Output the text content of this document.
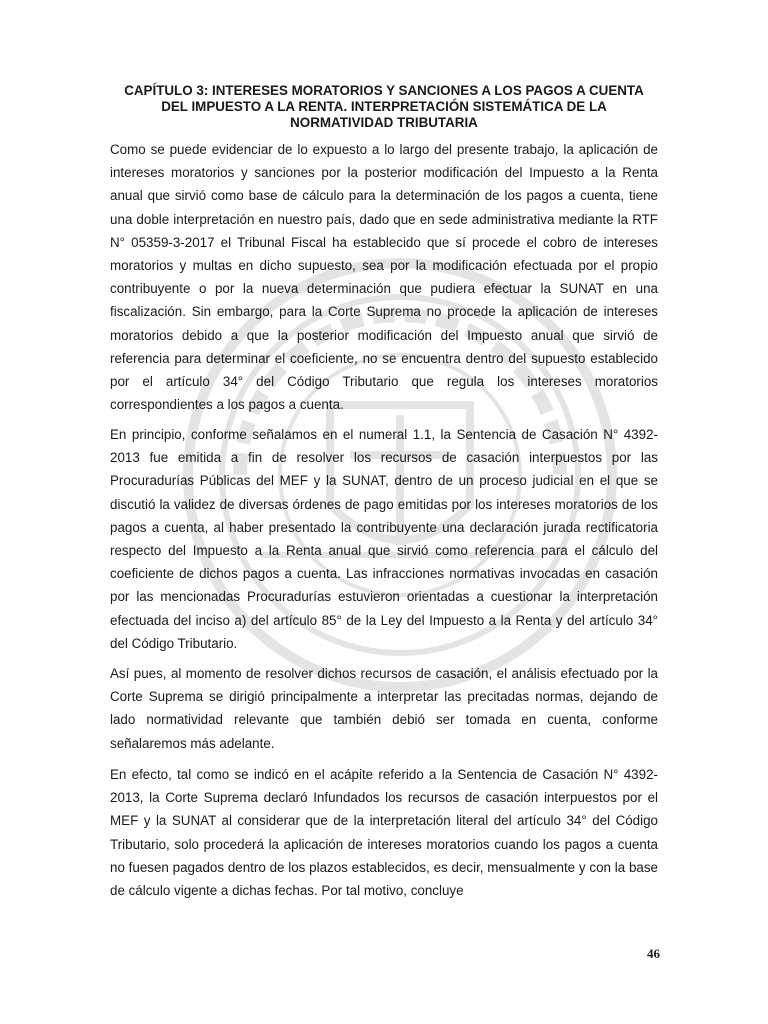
CAPÍTULO 3: INTERESES MORATORIOS Y SANCIONES A LOS PAGOS A CUENTA DEL IMPUESTO A LA RENTA. INTERPRETACIÓN SISTEMÁTICA DE LA NORMATIVIDAD TRIBUTARIA

Como se puede evidenciar de lo expuesto a lo largo del presente trabajo, la aplicación de intereses moratorios y sanciones por la posterior modificación del Impuesto a la Renta anual que sirvió como base de cálculo para la determinación de los pagos a cuenta, tiene una doble interpretación en nuestro país, dado que en sede administrativa mediante la RTF N° 05359-3-2017 el Tribunal Fiscal ha establecido que sí procede el cobro de intereses moratorios y multas en dicho supuesto, sea por la modificación efectuada por el propio contribuyente o por la nueva determinación que pudiera efectuar la SUNAT en una fiscalización. Sin embargo, para la Corte Suprema no procede la aplicación de intereses moratorios debido a que la posterior modificación del Impuesto anual que sirvió de referencia para determinar el coeficiente, no se encuentra dentro del supuesto establecido por el artículo 34° del Código Tributario que regula los intereses moratorios correspondientes a los pagos a cuenta.

En principio, conforme señalamos en el numeral 1.1, la Sentencia de Casación N° 4392-2013 fue emitida a fin de resolver los recursos de casación interpuestos por las Procuradurías Públicas del MEF y la SUNAT, dentro de un proceso judicial en el que se discutió la validez de diversas órdenes de pago emitidas por los intereses moratorios de los pagos a cuenta, al haber presentado la contribuyente una declaración jurada rectificatoria respecto del Impuesto a la Renta anual que sirvió como referencia para el cálculo del coeficiente de dichos pagos a cuenta. Las infracciones normativas invocadas en casación por las mencionadas Procuradurías estuvieron orientadas a cuestionar la interpretación efectuada del inciso a) del artículo 85° de la Ley del Impuesto a la Renta y del artículo 34° del Código Tributario.

Así pues, al momento de resolver dichos recursos de casación, el análisis efectuado por la Corte Suprema se dirigió principalmente a interpretar las precitadas normas, dejando de lado normatividad relevante que también debió ser tomada en cuenta, conforme señalaremos más adelante.

En efecto, tal como se indicó en el acápite referido a la Sentencia de Casación N° 4392-2013, la Corte Suprema declaró Infundados los recursos de casación interpuestos por el MEF y la SUNAT al considerar que de la interpretación literal del artículo 34° del Código Tributario, solo procederá la aplicación de intereses moratorios cuando los pagos a cuenta no fuesen pagados dentro de los plazos establecidos, es decir, mensualmente y con la base de cálculo vigente a dichas fechas. Por tal motivo, concluye

46
